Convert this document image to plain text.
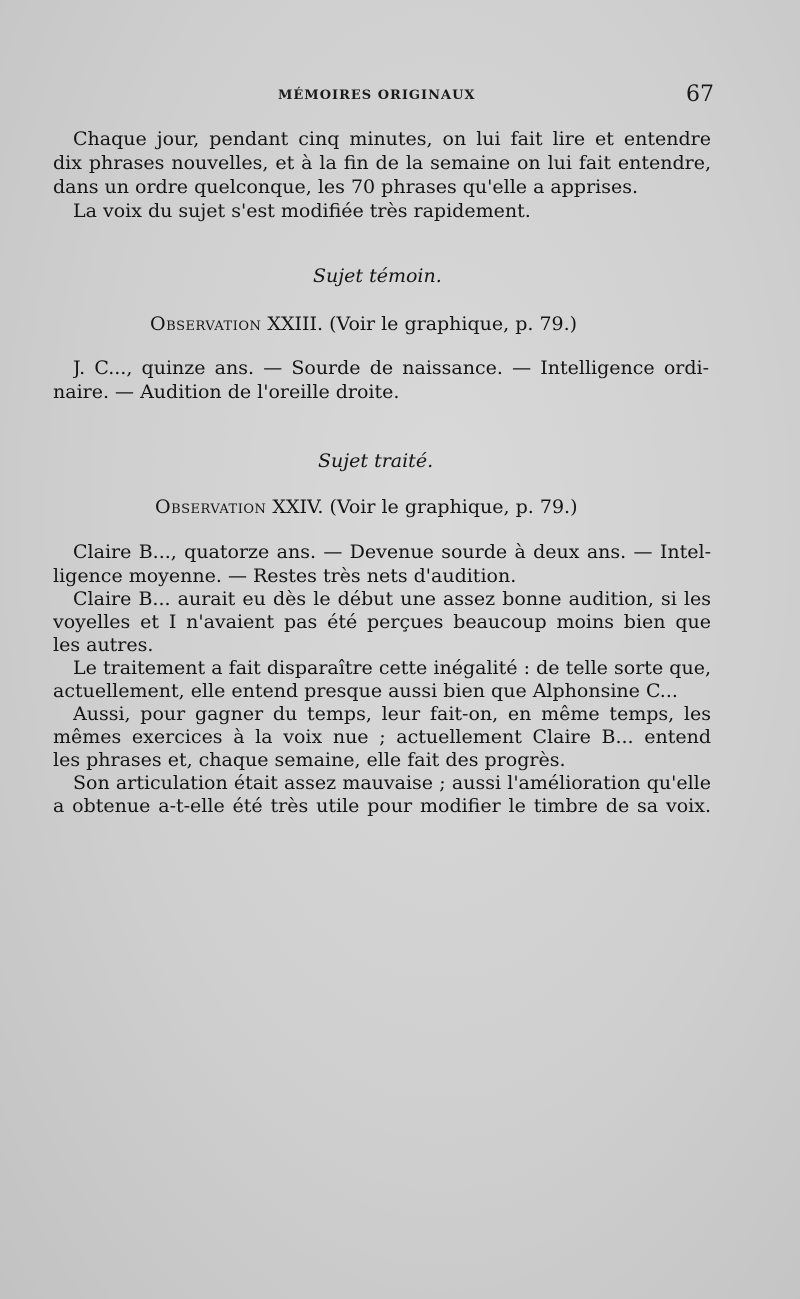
MÉMOIRES ORIGINAUX	67
Chaque jour, pendant cinq minutes, on lui fait lire et entendre
dix phrases nouvelles, et à la fin de la semaine on lui fait entendre,
dans un ordre quelconque, les 70 phrases qu'elle a apprises.
La voix du sujet s'est modifiée très rapidement.
Sujet témoin.
Observation XXIII. (Voir le graphique, p. 79.)
J. C..., quinze ans. — Sourde de naissance. — Intelligence ordi-
naire. — Audition de l'oreille droite.
Sujet traité.
Observation XXIV. (Voir le graphique, p. 79.)
Claire B..., quatorze ans. — Devenue sourde à deux ans. — Intel-
ligence moyenne. — Restes très nets d'audition.
Claire B... aurait eu dès le début une assez bonne audition, si les
voyelles et I n'avaient pas été perçues beaucoup moins bien que
les autres.
Le traitement a fait disparaître cette inégalité : de telle sorte que,
actuellement, elle entend presque aussi bien que Alphonsine C...
Aussi, pour gagner du temps, leur fait-on, en même temps, les
mêmes exercices à la voix nue ; actuellement Claire B... entend
les phrases et, chaque semaine, elle fait des progrès.
Son articulation était assez mauvaise ; aussi l'amélioration qu'elle
a obtenue a-t-elle été très utile pour modifier le timbre de sa voix.
